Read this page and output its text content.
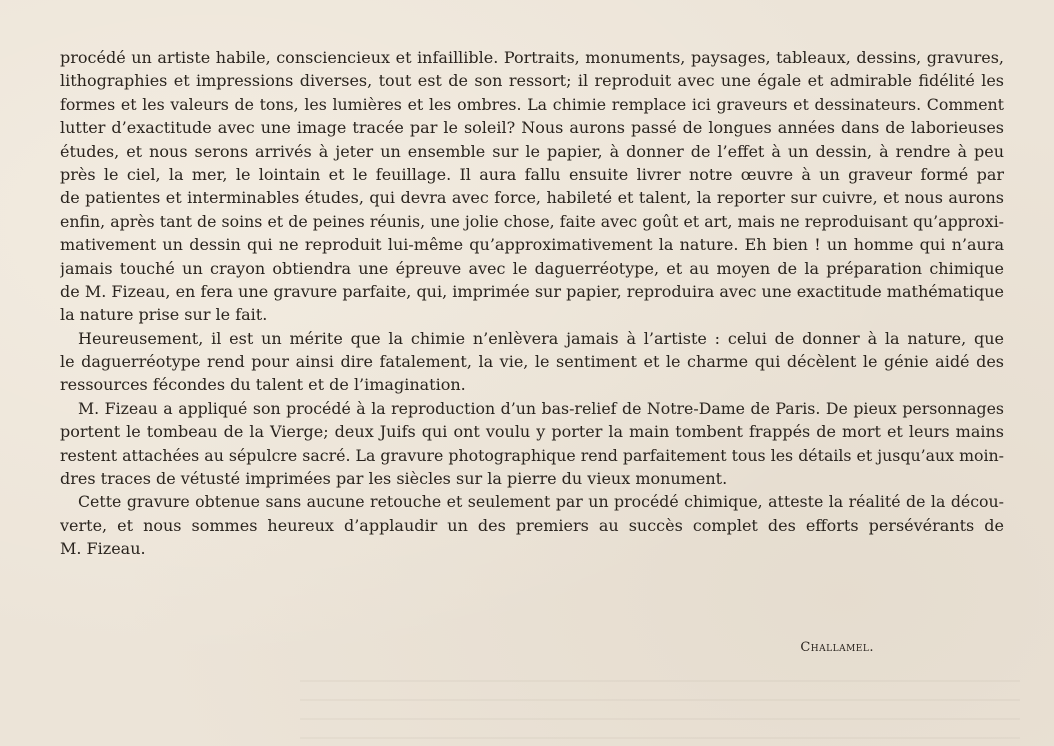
procédé un artiste habile, consciencieux et infaillible. Portraits, monuments, paysages, tableaux, dessins, gravures,
lithographies et impressions diverses, tout est de son ressort; il reproduit avec une égale et admirable fidélité les
formes et les valeurs de tons, les lumières et les ombres. La chimie remplace ici graveurs et dessinateurs. Comment
lutter d’exactitude avec une image tracée par le soleil? Nous aurons passé de longues années dans de laborieuses
études, et nous serons arrivés à jeter un ensemble sur le papier, à donner de l’effet à un dessin, à rendre à peu
près le ciel, la mer, le lointain et le feuillage. Il aura fallu ensuite livrer notre œuvre à un graveur formé par
de patientes et interminables études, qui devra avec force, habileté et talent, la reporter sur cuivre, et nous aurons
enfin, après tant de soins et de peines réunis, une jolie chose, faite avec goût et art, mais ne reproduisant qu’approxi-
mativement un dessin qui ne reproduit lui-même qu’approximativement la nature. Eh bien ! un homme qui n’aura
jamais touché un crayon obtiendra une épreuve avec le daguerréotype, et au moyen de la préparation chimique
de M. Fizeau, en fera une gravure parfaite, qui, imprimée sur papier, reproduira avec une exactitude mathématique
la nature prise sur le fait.
Heureusement, il est un mérite que la chimie n’enlèvera jamais à l’artiste : celui de donner à la nature, que
le daguerréotype rend pour ainsi dire fatalement, la vie, le sentiment et le charme qui décèlent le génie aidé des
ressources fécondes du talent et de l’imagination.
M. Fizeau a appliqué son procédé à la reproduction d’un bas-relief de Notre-Dame de Paris. De pieux personnages
portent le tombeau de la Vierge; deux Juifs qui ont voulu y porter la main tombent frappés de mort et leurs mains
restent attachées au sépulcre sacré. La gravure photographique rend parfaitement tous les détails et jusqu’aux moin-
dres traces de vétusté imprimées par les siècles sur la pierre du vieux monument.
Cette gravure obtenue sans aucune retouche et seulement par un procédé chimique, atteste la réalité de la décou-
verte, et nous sommes heureux d’applaudir un des premiers au succès complet des efforts persévérants de
M. Fizeau.
Challamel.
